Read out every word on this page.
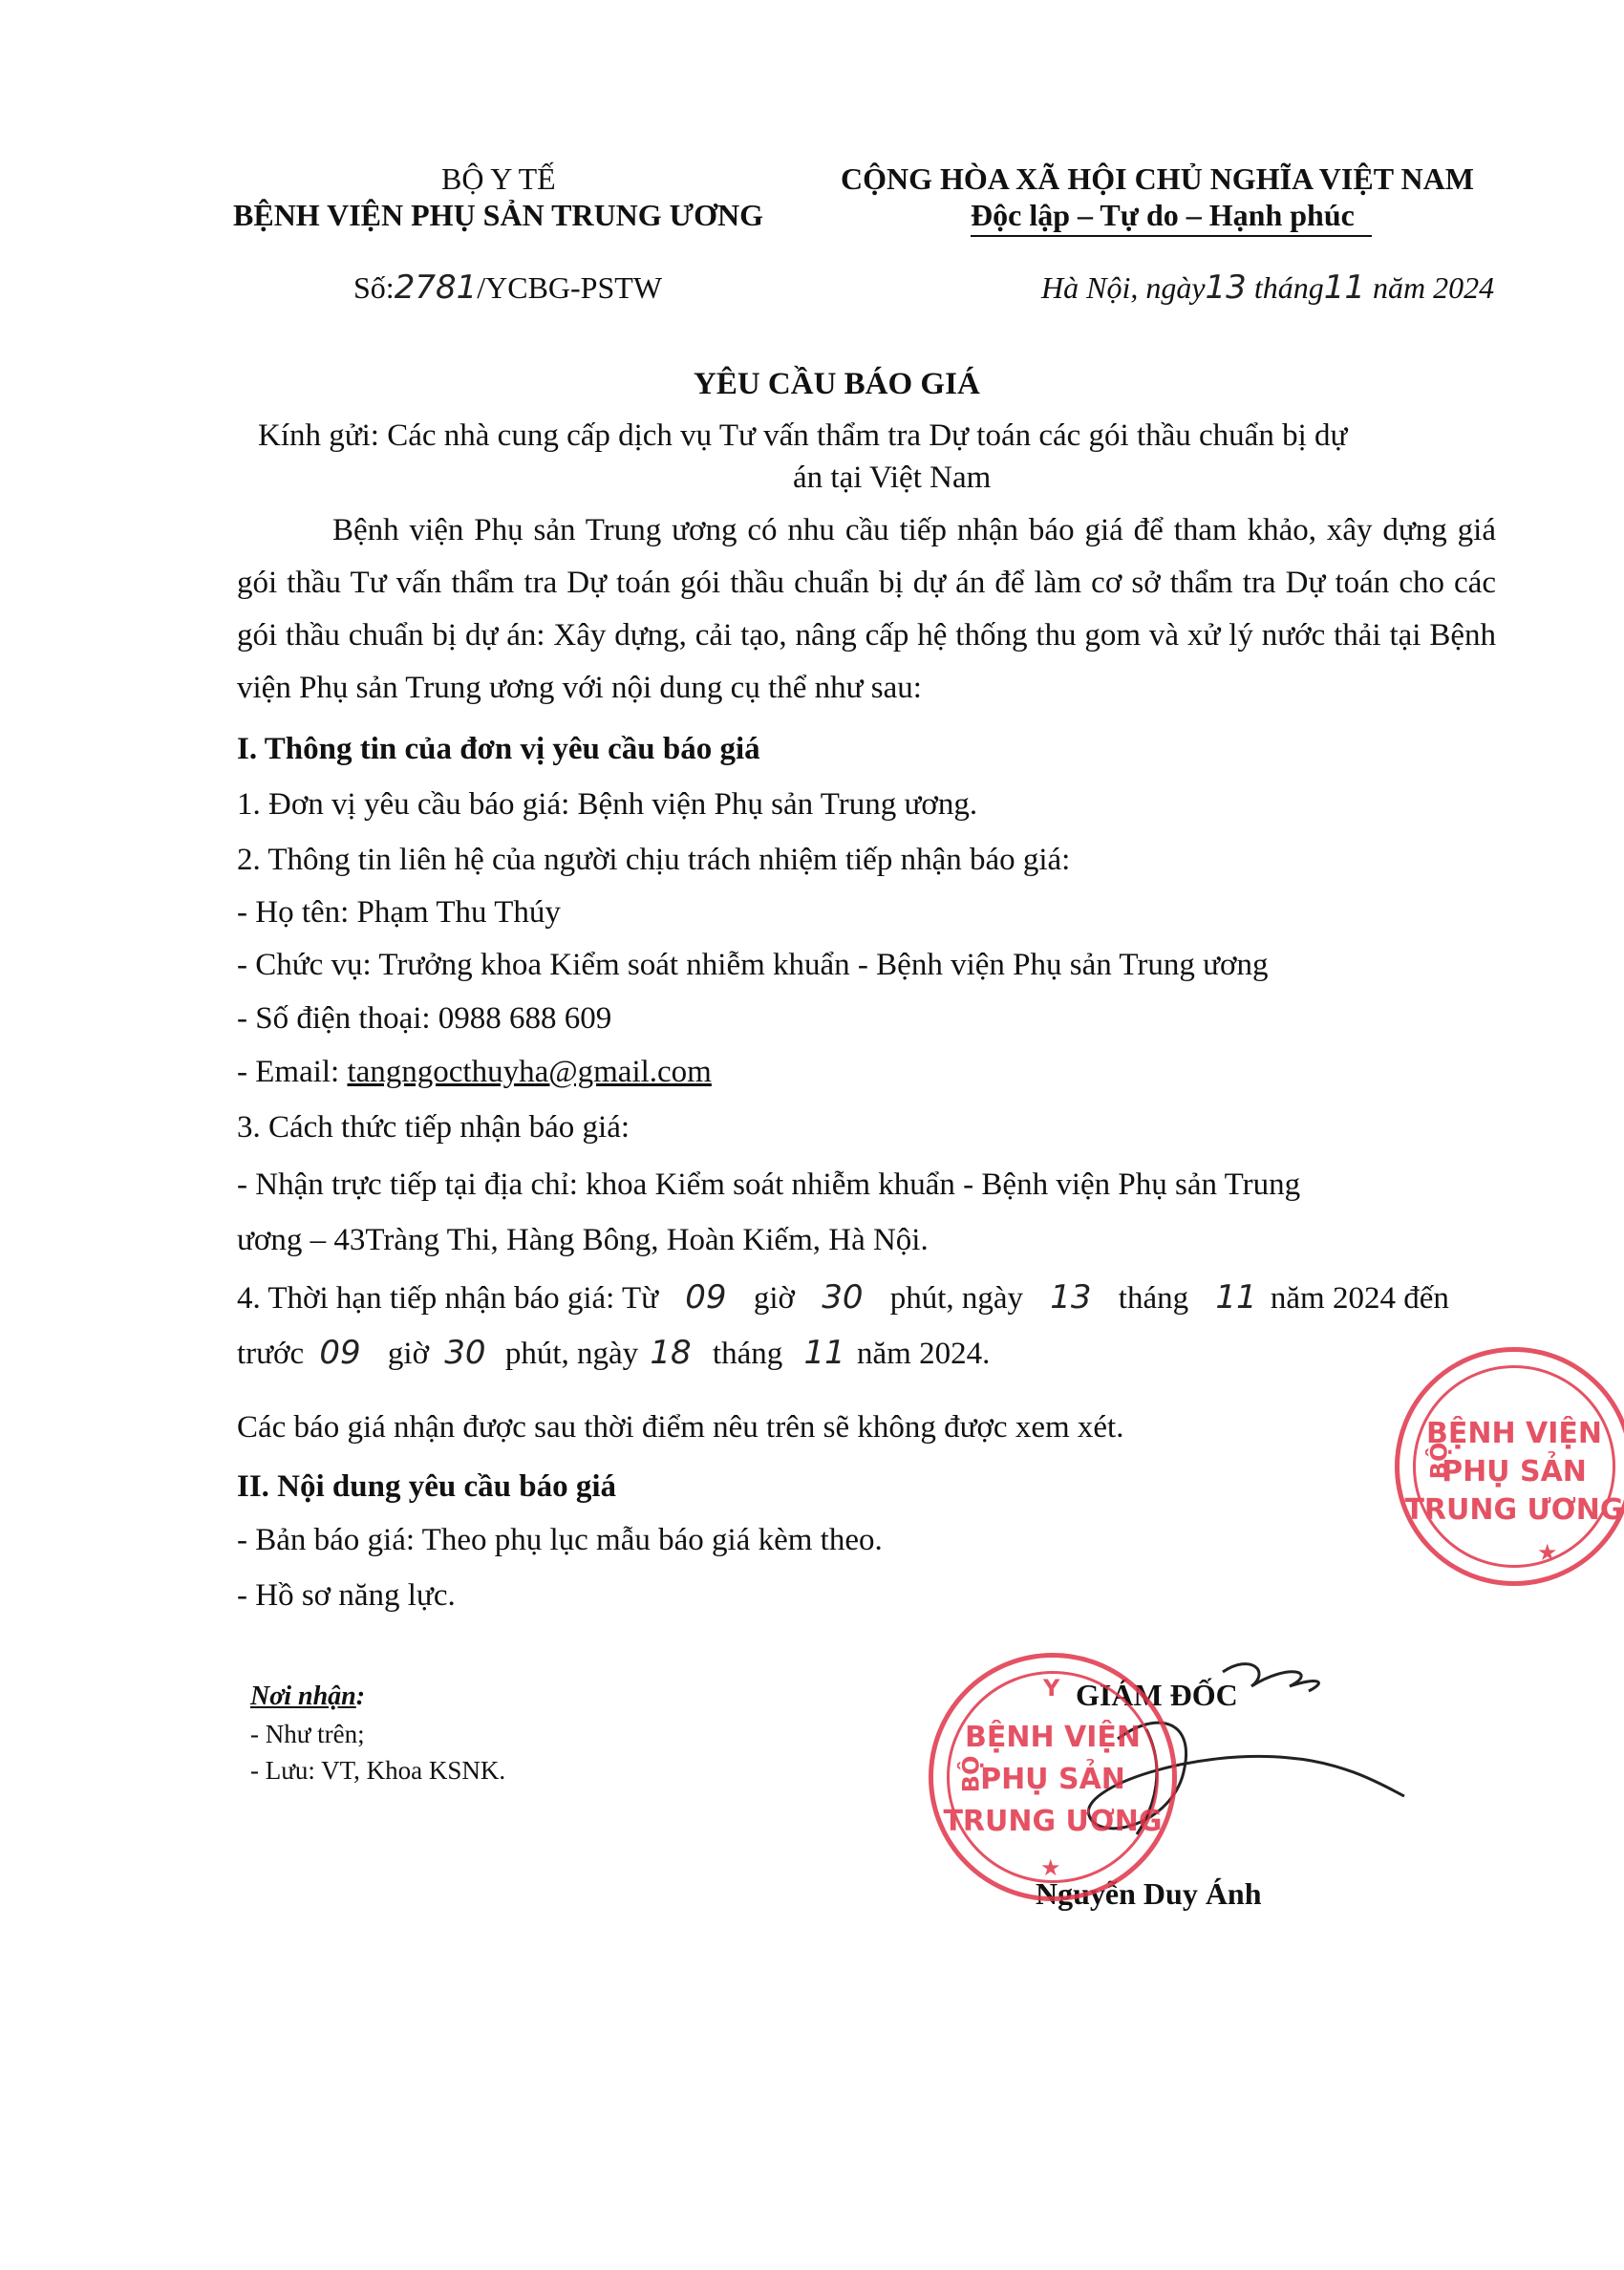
BỘ Y TẾ
BỆNH VIỆN PHỤ SẢN TRUNG ƯƠNG
Số:2781/YCBG-PSTW
CỘNG HÒA XÃ HỘI CHỦ NGHĨA VIỆT NAM
Độc lập – Tự do – Hạnh phúc
Hà Nội, ngày13 tháng11 năm 2024
YÊU CẦU BÁO GIÁ
Kính gửi: Các nhà cung cấp dịch vụ Tư vấn thẩm tra Dự toán các gói thầu chuẩn bị dự
án tại Việt Nam
Bệnh viện Phụ sản Trung ương có nhu cầu tiếp nhận báo giá để tham khảo, xây dựng giá gói thầu Tư vấn thẩm tra Dự toán gói thầu chuẩn bị dự án để làm cơ sở thẩm tra Dự toán cho các gói thầu chuẩn bị dự án: Xây dựng, cải tạo, nâng cấp hệ thống thu gom và xử lý nước thải tại Bệnh viện Phụ sản Trung ương với nội dung cụ thể như sau:
I. Thông tin của đơn vị yêu cầu báo giá
1. Đơn vị yêu cầu báo giá: Bệnh viện Phụ sản Trung ương.
2. Thông tin liên hệ của người chịu trách nhiệm tiếp nhận báo giá:
- Họ tên: Phạm Thu Thúy
- Chức vụ: Trưởng khoa Kiểm soát nhiễm khuẩn - Bệnh viện Phụ sản Trung ương
- Số điện thoại: 0988 688 609
- Email: tangngocthuyha@gmail.com
3. Cách thức tiếp nhận báo giá:
- Nhận trực tiếp tại địa chỉ: khoa Kiểm soát nhiễm khuẩn - Bệnh viện Phụ sản Trung
ương – 43Tràng Thi, Hàng Bông, Hoàn Kiếm, Hà Nội.
4. Thời hạn tiếp nhận báo giá: Từ 09 giờ 30 phút, ngày 13 tháng 11 năm 2024 đến
trước 09 giờ 30 phút, ngày 18 tháng 11 năm 2024.
Các báo giá nhận được sau thời điểm nêu trên sẽ không được xem xét.
II. Nội dung yêu cầu báo giá
- Bản báo giá: Theo phụ lục mẫu báo giá kèm theo.
- Hồ sơ năng lực.
Nơi nhận:
- Như trên;
- Lưu: VT, Khoa KSNK.
GIÁM ĐỐC
Nguyễn Duy Ánh
BỆNH VIỆN
PHỤ SẢN
TRUNG ƯƠNG
BỘ
★
Y
BỆNH VIỆN
PHỤ SẢN
TRUNG ƯƠNG
BỘ
★
